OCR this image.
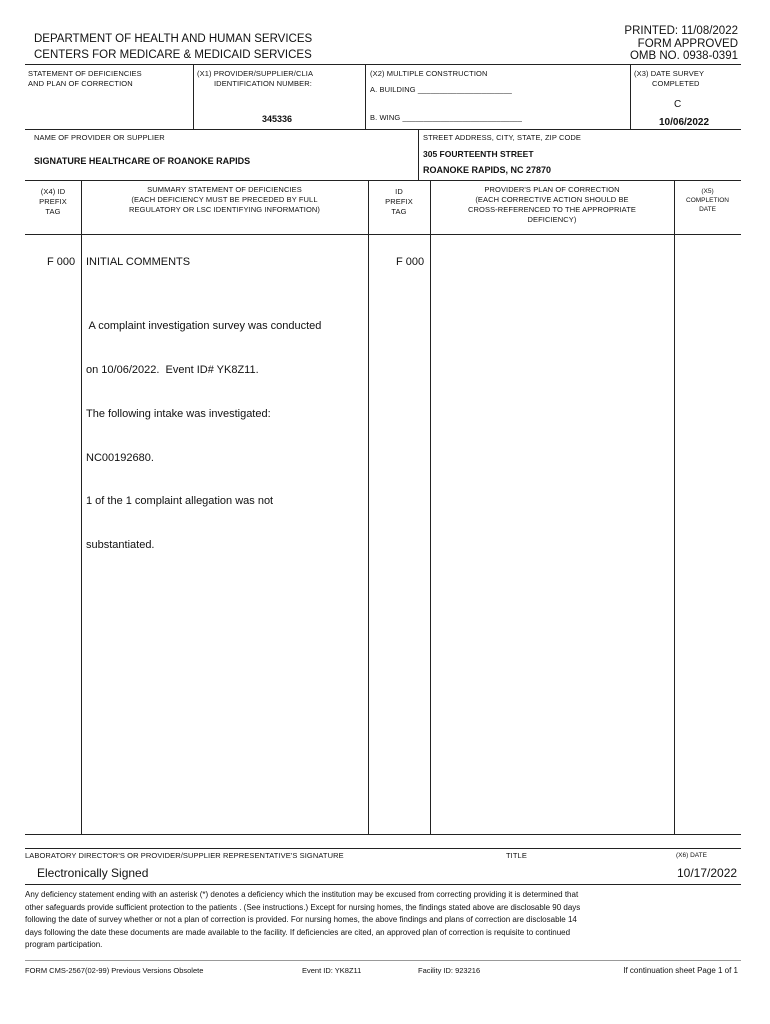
DEPARTMENT OF HEALTH AND HUMAN SERVICES
CENTERS FOR MEDICARE & MEDICAID SERVICES
PRINTED: 11/08/2022
FORM APPROVED
OMB NO. 0938-0391
STATEMENT OF DEFICIENCIES
AND PLAN OF CORRECTION
(X1) PROVIDER/SUPPLIER/CLIA
IDENTIFICATION NUMBER:
345336
(X2) MULTIPLE CONSTRUCTION
A. BUILDING ______________________
B. WING ____________________________
(X3) DATE SURVEY
COMPLETED
C
10/06/2022
NAME OF PROVIDER OR SUPPLIER
SIGNATURE HEALTHCARE OF ROANOKE RAPIDS
STREET ADDRESS, CITY, STATE, ZIP CODE
305 FOURTEENTH STREET
ROANOKE RAPIDS, NC 27870
(X4) ID
PREFIX
TAG
SUMMARY STATEMENT OF DEFICIENCIES
(EACH DEFICIENCY MUST BE PRECEDED BY FULL
REGULATORY OR LSC IDENTIFYING INFORMATION)
ID
PREFIX
TAG
PROVIDER'S PLAN OF CORRECTION
(EACH CORRECTIVE ACTION SHOULD BE
CROSS-REFERENCED TO THE APPROPRIATE
DEFICIENCY)
(X5)
COMPLETION
DATE
F 000 INITIAL COMMENTS	F 000

A complaint investigation survey was conducted

on 10/06/2022.  Event ID# YK8Z11.

The following intake was investigated:

NC00192680.

1 of the 1 complaint allegation was not

substantiated.

LABORATORY DIRECTOR'S OR PROVIDER/SUPPLIER REPRESENTATIVE'S SIGNATURE	TITLE	(X6) DATE
Electronically Signed	10/17/2022
Any deficiency statement ending with an asterisk (*) denotes a deficiency which the institution may be excused from correcting providing it is determined that
other safeguards provide sufficient protection to the patients . (See instructions.) Except for nursing homes, the findings stated above are disclosable 90 days
following the date of survey whether or not a plan of correction is provided. For nursing homes, the above findings and plans of correction are disclosable 14
days following the date these documents are made available to the facility. If deficiencies are cited, an approved plan of correction is requisite to continued
program participation.
FORM CMS-2567(02-99) Previous Versions Obsolete	Event ID: YK8Z11	Facility ID: 923216	If continuation sheet Page 1 of 1
